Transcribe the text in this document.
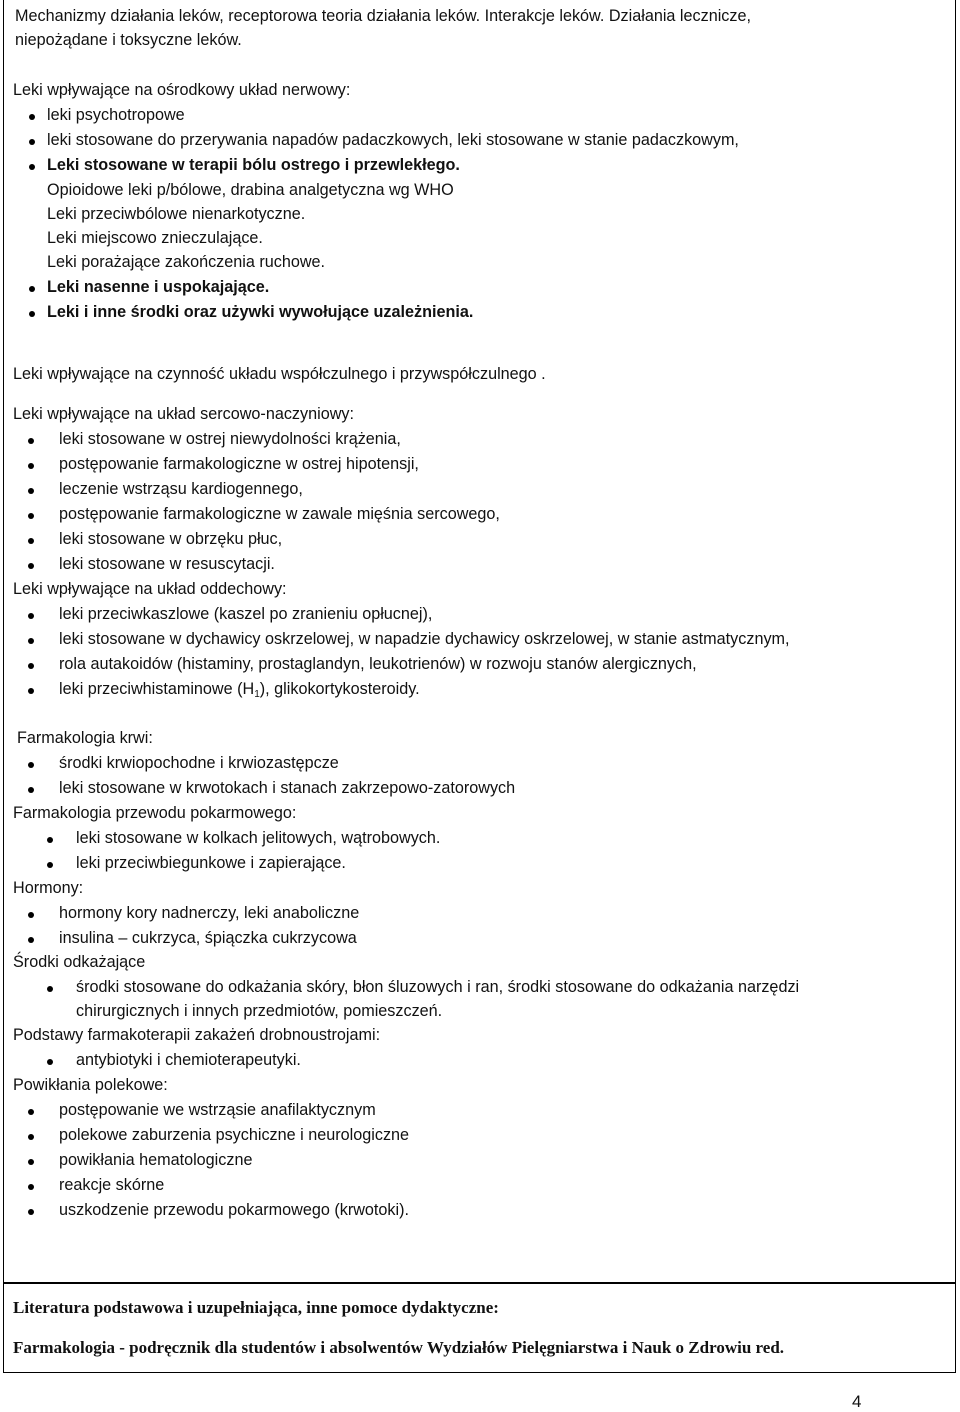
Mechanizmy działania leków, receptorowa teoria działania leków. Interakcje leków. Działania lecznicze,
niepożądane i toksyczne leków.
Leki wpływające na ośrodkowy układ nerwowy:
leki psychotropowe
leki stosowane do przerywania napadów padaczkowych, leki stosowane w stanie padaczkowym,
Leki stosowane w terapii bólu ostrego i przewlekłego.
Opioidowe leki p/bólowe, drabina analgetyczna wg WHO
Leki przeciwbólowe nienarkotyczne.
Leki miejscowo znieczulające.
Leki porażające zakończenia ruchowe.
Leki nasenne i uspokajające.
Leki i inne środki oraz używki wywołujące uzależnienia.
Leki wpływające na czynność układu współczulnego i przywspółczulnego .
Leki wpływające na układ sercowo-naczyniowy:
leki stosowane w ostrej niewydolności krążenia,
postępowanie farmakologiczne w ostrej hipotensji,
leczenie wstrząsu kardiogennego,
postępowanie farmakologiczne w zawale mięśnia sercowego,
leki stosowane w obrzęku płuc,
leki stosowane w resuscytacji.
Leki wpływające na układ oddechowy:
leki przeciwkaszlowe (kaszel po zranieniu opłucnej),
leki stosowane w dychawicy oskrzelowej, w napadzie dychawicy oskrzelowej, w stanie astmatycznym,
rola autakoidów (histaminy, prostaglandyn, leukotrienów) w rozwoju stanów alergicznych,
leki przeciwhistaminowe $(H_1)$, glikokortykosteroidy.
Farmakologia krwi:
środki krwiopochodne i krwiozastępcze
leki stosowane w krwotokach i stanach zakrzepowo-zatorowych
Farmakologia przewodu pokarmowego:
leki stosowane w kolkach jelitowych, wątrobowych.
leki przeciwbiegunkowe i zapierające.
Hormony:
hormony kory nadnerczy, leki anaboliczne
insulina – cukrzyca, śpiączka cukrzycowa
Środki odkażające
środki stosowane do odkażania skóry, błon śluzowych i ran, środki stosowane do odkażania narzędzi
chirurgicznych i innych przedmiotów, pomieszczeń.
Podstawy farmakoterapii zakażeń drobnoustrojami:
antybiotyki i chemioterapeutyki.
Powikłania polekowe:
postępowanie we wstrząsie anafilaktycznym
polekowe zaburzenia psychiczne i neurologiczne
powikłania hematologiczne
reakcje skórne
uszkodzenie przewodu pokarmowego (krwotoki).
Literatura podstawowa i uzupełniająca, inne pomoce dydaktyczne:
Farmakologia - podręcznik dla studentów i absolwentów Wydziałów Pielęgniarstwa i Nauk o Zdrowiu red.
4
